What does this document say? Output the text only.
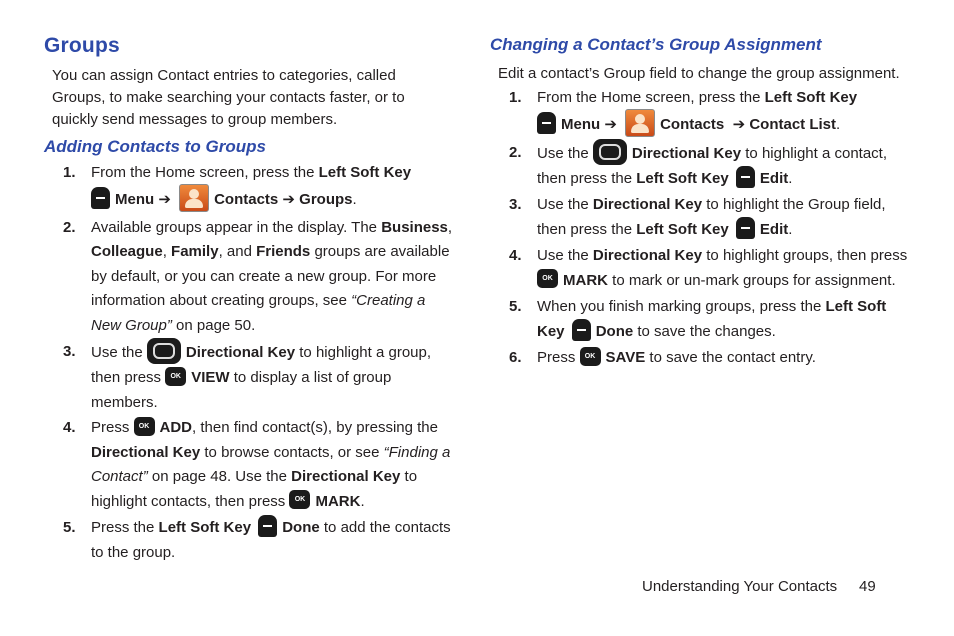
Groups

You can assign Contact entries to categories, called Groups, to make searching your contacts faster, or to quickly send messages to group members.

Adding Contacts to Groups
1. From the Home screen, press the Left Soft Key
Menu ➔	Contacts ➔ Groups.
2. Available groups appear in the display. The Business, Colleague, Family, and Friends groups are available by default, or you can create a new group. For more information about creating groups, see “Creating a New Group” on page 50.
3. Use the	Directional Key to highlight a group, then press OK VIEW to display a list of group members.
4. Press OK ADD, then find contact(s), by pressing the Directional Key to browse contacts, or see “Finding a Contact” on page 48. Use the Directional Key to highlight contacts, then press OK MARK.
5. Press the Left Soft Key Done to add the contacts to the group.
Changing a Contact’s Group Assignment

Edit a contact’s Group field to change the group assignment.

1. From the Home screen, press the Left Soft Key
Menu ➔	Contacts ➔ Contact List.
2. Use the	Directional Key to highlight a contact, then press the Left Soft Key Edit.
3. Use the Directional Key to highlight the Group field, then press the Left Soft Key Edit.
4. Use the Directional Key to highlight groups, then press OK MARK to mark or un-mark groups for assignment.
5. When you finish marking groups, press the Left Soft Key Done to save the changes.
6. Press OK SAVE to save the contact entry.
Understanding Your Contacts 49
